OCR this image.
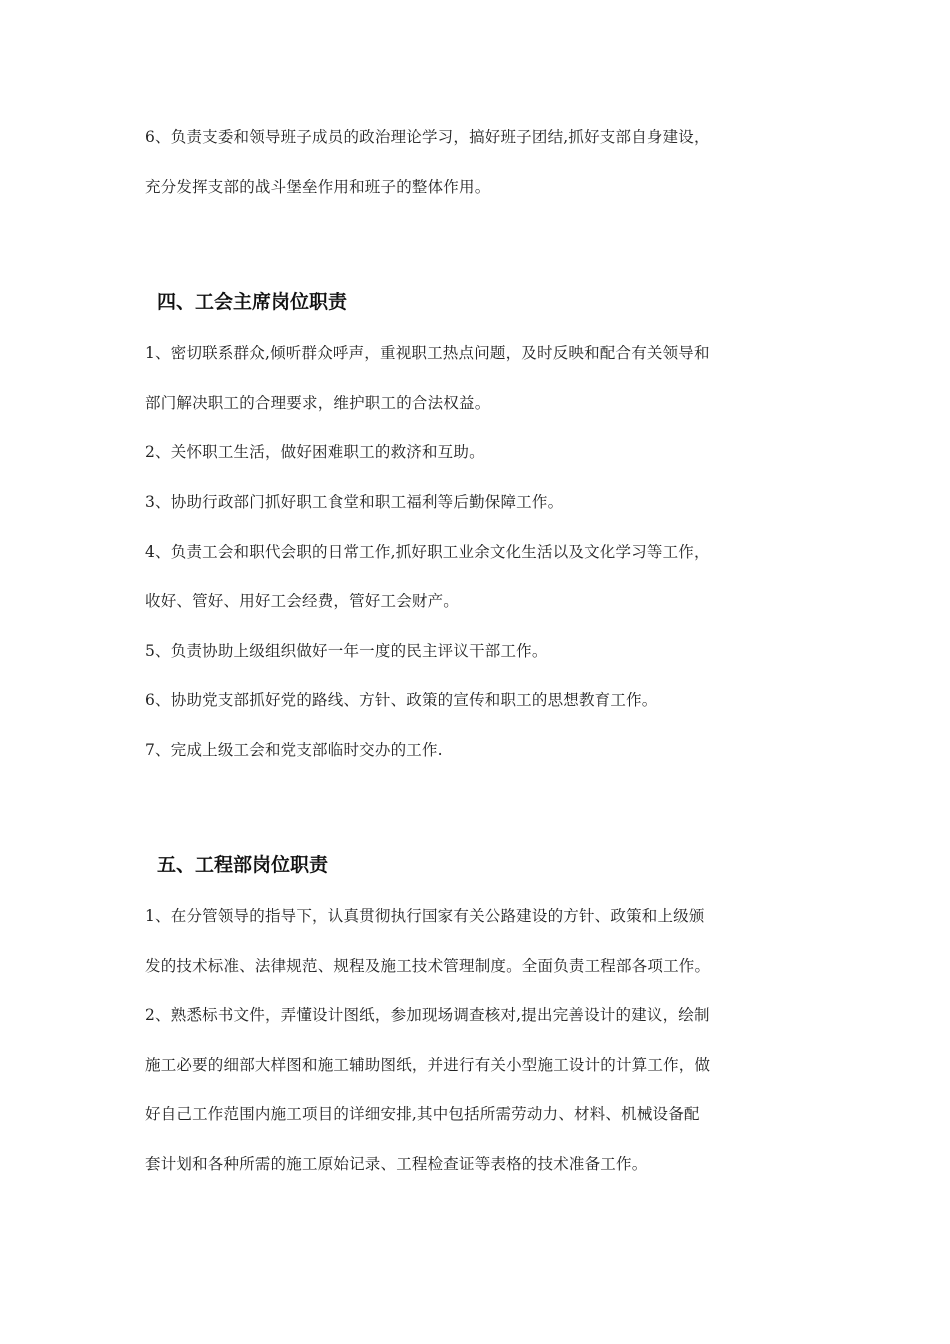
6、负责支委和领导班子成员的政治理论学习，搞好班子团结,抓好支部自身建设，
充分发挥支部的战斗堡垒作用和班子的整体作用。
四、工会主席岗位职责
1、密切联系群众,倾听群众呼声，重视职工热点问题，及时反映和配合有关领导和
部门解决职工的合理要求，维护职工的合法权益。
2、关怀职工生活，做好困难职工的救济和互助。
3、协助行政部门抓好职工食堂和职工福利等后勤保障工作。
4、负责工会和职代会职的日常工作,抓好职工业余文化生活以及文化学习等工作，
收好、管好、用好工会经费，管好工会财产。
5、负责协助上级组织做好一年一度的民主评议干部工作。
6、协助党支部抓好党的路线、方针、政策的宣传和职工的思想教育工作。
7、完成上级工会和党支部临时交办的工作.
五、工程部岗位职责
1、在分管领导的指导下，认真贯彻执行国家有关公路建设的方针、政策和上级颁
发的技术标准、法律规范、规程及施工技术管理制度。全面负责工程部各项工作。
2、熟悉标书文件，弄懂设计图纸，参加现场调查核对,提出完善设计的建议，绘制
施工必要的细部大样图和施工辅助图纸，并进行有关小型施工设计的计算工作，做
好自己工作范围内施工项目的详细安排,其中包括所需劳动力、材料、机械设备配
套计划和各种所需的施工原始记录、工程检查证等表格的技术准备工作。
